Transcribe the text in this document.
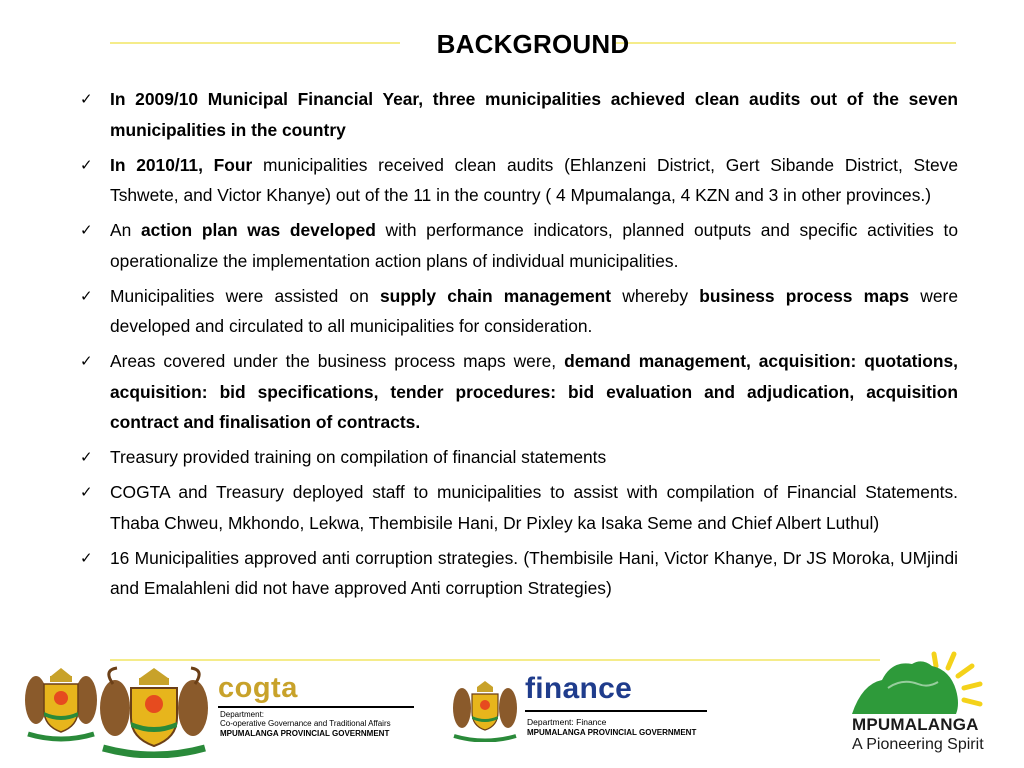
BACKGROUND
✓ In 2009/10 Municipal Financial Year, three municipalities achieved clean audits out of the seven municipalities in the country
✓ In 2010/11, Four municipalities received clean audits (Ehlanzeni District, Gert Sibande District, Steve Tshwete, and Victor Khanye) out of the 11 in the country ( 4 Mpumalanga, 4 KZN and 3 in other provinces.)
✓ An action plan was developed with performance indicators, planned outputs and specific activities to operationalize the implementation action plans of individual municipalities.
✓ Municipalities were assisted on supply chain management whereby business process maps were developed and circulated to all municipalities for consideration.
✓ Areas covered under the business process maps were, demand management, acquisition: quotations, acquisition: bid specifications, tender procedures: bid evaluation and adjudication, acquisition contract and finalisation of contracts.
✓ Treasury provided training on compilation of financial statements
✓ COGTA and Treasury deployed staff to municipalities to assist with compilation of Financial Statements. Thaba Chweu, Mkhondo, Lekwa, Thembisile Hani, Dr Pixley ka Isaka Seme and Chief Albert Luthul)
✓ 16 Municipalities approved anti corruption strategies. (Thembisile Hani, Victor Khanye, Dr JS Moroka, UMjindi and Emalahleni did not have approved Anti corruption Strategies)
cogta
Department:
Co-operative Governance and Traditional Affairs
MPUMALANGA PROVINCIAL GOVERNMENT
finance
Department: Finance
MPUMALANGA PROVINCIAL GOVERNMENT	MPUMALANGA
A Pioneering Spirit
